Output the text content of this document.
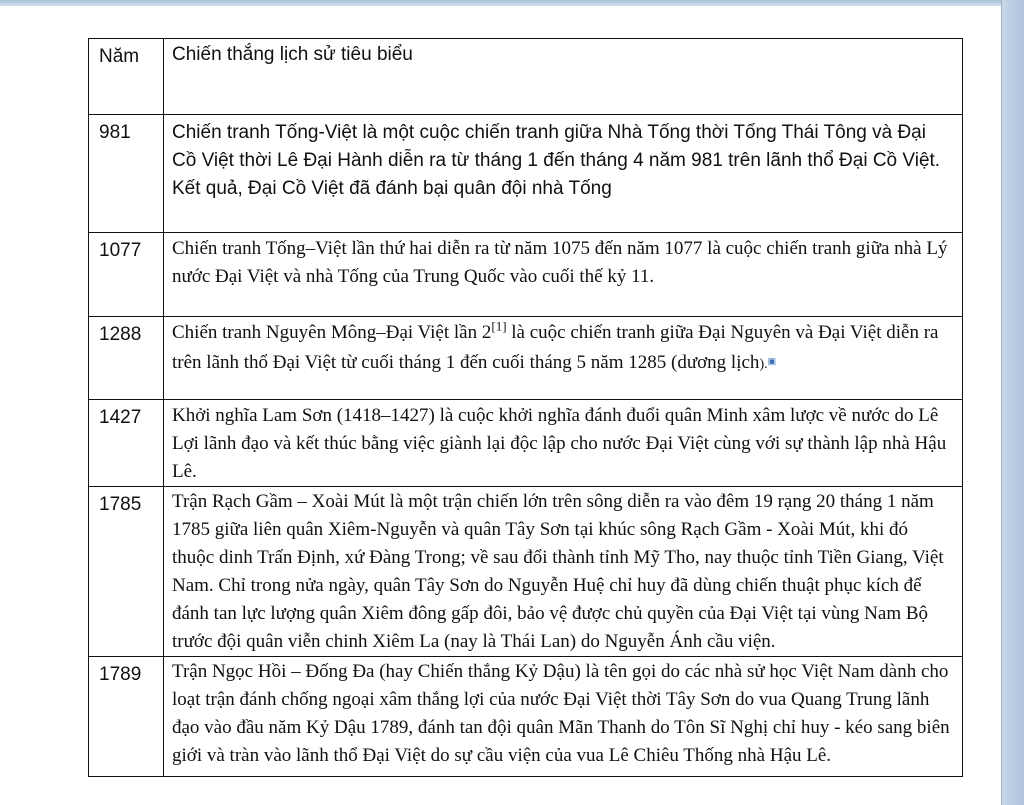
Năm	Chiến thắng lịch sử tiêu biểu
981	Chiến tranh Tống-Việt là một cuộc chiến tranh giữa Nhà Tống thời Tống Thái Tông và Đại Cồ Việt thời Lê Đại Hành diễn ra từ tháng 1 đến tháng 4 năm 981 trên lãnh thổ Đại Cồ Việt. Kết quả, Đại Cồ Việt đã đánh bại quân đội nhà Tống
1077	Chiến tranh Tống–Việt lần thứ hai diễn ra từ năm 1075 đến năm 1077 là cuộc chiến tranh giữa nhà Lý nước Đại Việt và nhà Tống của Trung Quốc vào cuối thế kỷ 11.
1288	Chiến tranh Nguyên Mông–Đại Việt lần 2[1] là cuộc chiến tranh giữa Đại Nguyên và Đại Việt diễn ra trên lãnh thổ Đại Việt từ cuối tháng 1 đến cuối tháng 5 năm 1285 (dương lịch).▣
1427	Khởi nghĩa Lam Sơn (1418–1427) là cuộc khởi nghĩa đánh đuổi quân Minh xâm lược về nước do Lê Lợi lãnh đạo và kết thúc bằng việc giành lại độc lập cho nước Đại Việt cùng với sự thành lập nhà Hậu Lê.
1785	Trận Rạch Gầm – Xoài Mút là một trận chiến lớn trên sông diễn ra vào đêm 19 rạng 20 tháng 1 năm 1785 giữa liên quân Xiêm-Nguyễn và quân Tây Sơn tại khúc sông Rạch Gầm - Xoài Mút, khi đó thuộc dinh Trấn Định, xứ Đàng Trong; về sau đổi thành tỉnh Mỹ Tho, nay thuộc tỉnh Tiền Giang, Việt Nam. Chỉ trong nửa ngày, quân Tây Sơn do Nguyễn Huệ chỉ huy đã dùng chiến thuật phục kích để đánh tan lực lượng quân Xiêm đông gấp đôi, bảo vệ được chủ quyền của Đại Việt tại vùng Nam Bộ trước đội quân viễn chinh Xiêm La (nay là Thái Lan) do Nguyễn Ánh cầu viện.
1789	Trận Ngọc Hồi – Đống Đa (hay Chiến thắng Kỷ Dậu) là tên gọi do các nhà sử học Việt Nam dành cho loạt trận đánh chống ngoại xâm thắng lợi của nước Đại Việt thời Tây Sơn do vua Quang Trung lãnh đạo vào đầu năm Kỷ Dậu 1789, đánh tan đội quân Mãn Thanh do Tôn Sĩ Nghị chỉ huy - kéo sang biên giới và tràn vào lãnh thổ Đại Việt do sự cầu viện của vua Lê Chiêu Thống nhà Hậu Lê.
